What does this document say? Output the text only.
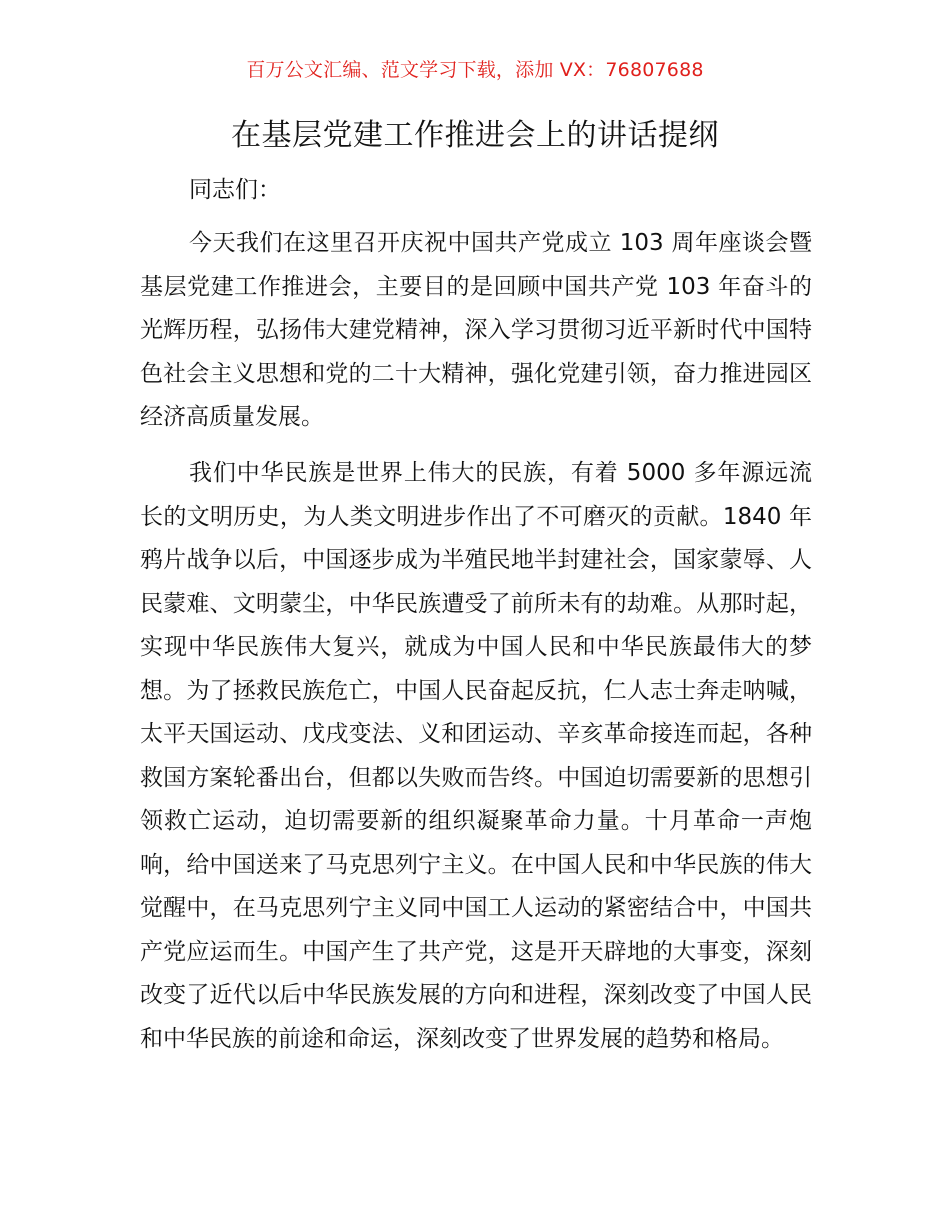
百万公文汇编、范文学习下载，添加 VX：76807688
在基层党建工作推进会上的讲话提纲
同志们：

今天我们在这里召开庆祝中国共产党成立 103 周年座谈会暨基层党建工作推进会，主要目的是回顾中国共产党 103 年奋斗的光辉历程，弘扬伟大建党精神，深入学习贯彻习近平新时代中国特色社会主义思想和党的二十大精神，强化党建引领，奋力推进园区经济高质量发展。

我们中华民族是世界上伟大的民族，有着 5000 多年源远流长的文明历史，为人类文明进步作出了不可磨灭的贡献。1840 年鸦片战争以后，中国逐步成为半殖民地半封建社会，国家蒙辱、人民蒙难、文明蒙尘，中华民族遭受了前所未有的劫难。从那时起，实现中华民族伟大复兴，就成为中国人民和中华民族最伟大的梦想。为了拯救民族危亡，中国人民奋起反抗，仁人志士奔走呐喊，太平天国运动、戊戌变法、义和团运动、辛亥革命接连而起，各种救国方案轮番出台，但都以失败而告终。中国迫切需要新的思想引领救亡运动，迫切需要新的组织凝聚革命力量。十月革命一声炮响，给中国送来了马克思列宁主义。在中国人民和中华民族的伟大觉醒中，在马克思列宁主义同中国工人运动的紧密结合中，中国共产党应运而生。中国产生了共产党，这是开天辟地的大事变，深刻改变了近代以后中华民族发展的方向和进程，深刻改变了中国人民和中华民族的前途和命运，深刻改变了世界发展的趋势和格局。
